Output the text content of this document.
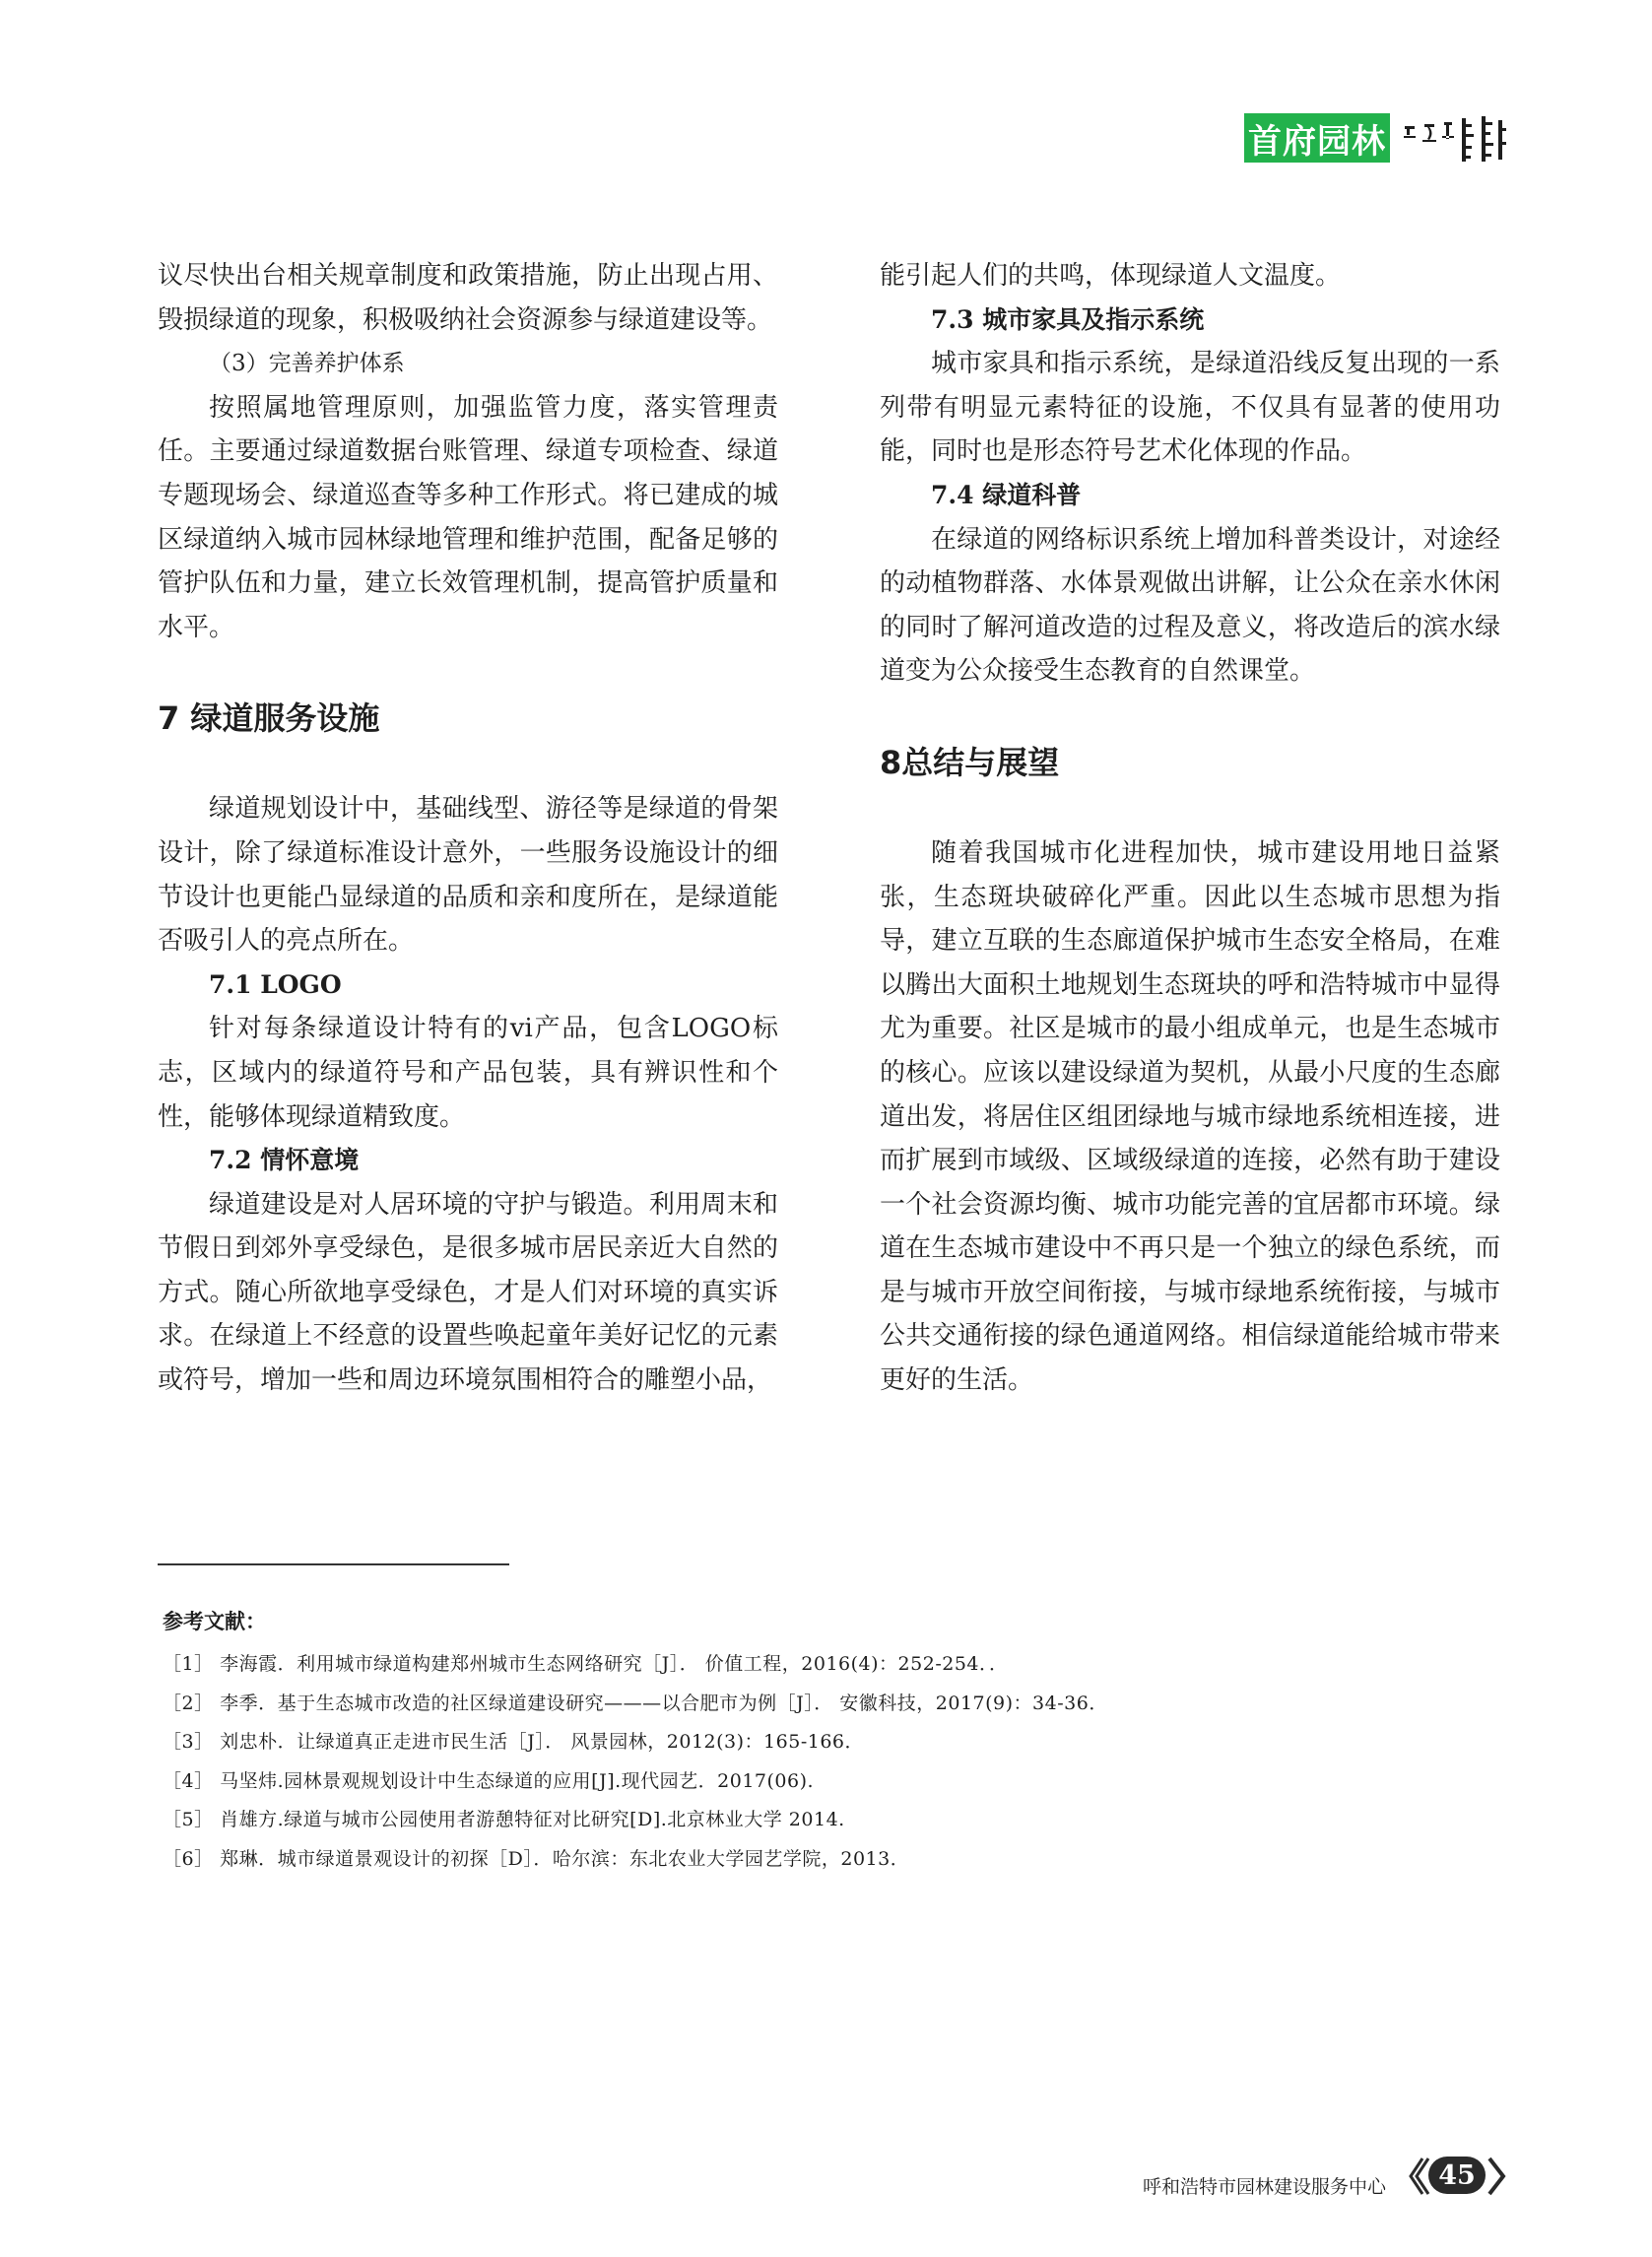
首府园林

议尽快出台相关规章制度和政策措施，防止出现占用、毁损绿道的现象，积极吸纳社会资源参与绿道建设等。

（3）完善养护体系

按照属地管理原则，加强监管力度，落实管理责任。主要通过绿道数据台账管理、绿道专项检查、绿道专题现场会、绿道巡查等多种工作形式。将已建成的城区绿道纳入城市园林绿地管理和维护范围，配备足够的管护队伍和力量，建立长效管理机制，提高管护质量和水平。

7 绿道服务设施

绿道规划设计中，基础线型、游径等是绿道的骨架设计，除了绿道标准设计意外，一些服务设施设计的细节设计也更能凸显绿道的品质和亲和度所在，是绿道能否吸引人的亮点所在。

7.1 LOGO

针对每条绿道设计特有的vi产品，包含LOGO标志，区域内的绿道符号和产品包装，具有辨识性和个性，能够体现绿道精致度。

7.2 情怀意境

绿道建设是对人居环境的守护与锻造。利用周末和节假日到郊外享受绿色，是很多城市居民亲近大自然的方式。随心所欲地享受绿色，才是人们对环境的真实诉求。在绿道上不经意的设置些唤起童年美好记忆的元素或符号，增加一些和周边环境氛围相符合的雕塑小品，

能引起人们的共鸣，体现绿道人文温度。

7.3 城市家具及指示系统

城市家具和指示系统，是绿道沿线反复出现的一系列带有明显元素特征的设施，不仅具有显著的使用功能，同时也是形态符号艺术化体现的作品。

7.4 绿道科普

在绿道的网络标识系统上增加科普类设计，对途经的动植物群落、水体景观做出讲解，让公众在亲水休闲的同时了解河道改造的过程及意义，将改造后的滨水绿道变为公众接受生态教育的自然课堂。

8总结与展望

随着我国城市化进程加快，城市建设用地日益紧张，生态斑块破碎化严重。因此以生态城市思想为指导，建立互联的生态廊道保护城市生态安全格局，在难以腾出大面积土地规划生态斑块的呼和浩特城市中显得尤为重要。社区是城市的最小组成单元，也是生态城市的核心。应该以建设绿道为契机，从最小尺度的生态廊道出发，将居住区组团绿地与城市绿地系统相连接，进而扩展到市域级、区域级绿道的连接，必然有助于建设一个社会资源均衡、城市功能完善的宜居都市环境。绿道在生态城市建设中不再只是一个独立的绿色系统，而是与城市开放空间衔接，与城市绿地系统衔接，与城市公共交通衔接的绿色通道网络。相信绿道能给城市带来更好的生活。

参考文献：

［1］ 李海霞．利用城市绿道构建郑州城市生态网络研究［J］． 价值工程，2016(4)：252-254．．

［2］ 李季．基于生态城市改造的社区绿道建设研究———以合肥市为例［J］． 安徽科技，2017(9)：34-36．

［3］ 刘忠朴．让绿道真正走进市民生活［J］． 风景园林，2012(3)：165-166．

［4］ 马坚炜.园林景观规划设计中生态绿道的应用[J].现代园艺．2017(06).

［5］ 肖雄方.绿道与城市公园使用者游憩特征对比研究[D].北京林业大学 2014.

［6］ 郑琳．城市绿道景观设计的初探［D］．哈尔滨：东北农业大学园艺学院，2013．

呼和浩特市园林建设服务中心	45
